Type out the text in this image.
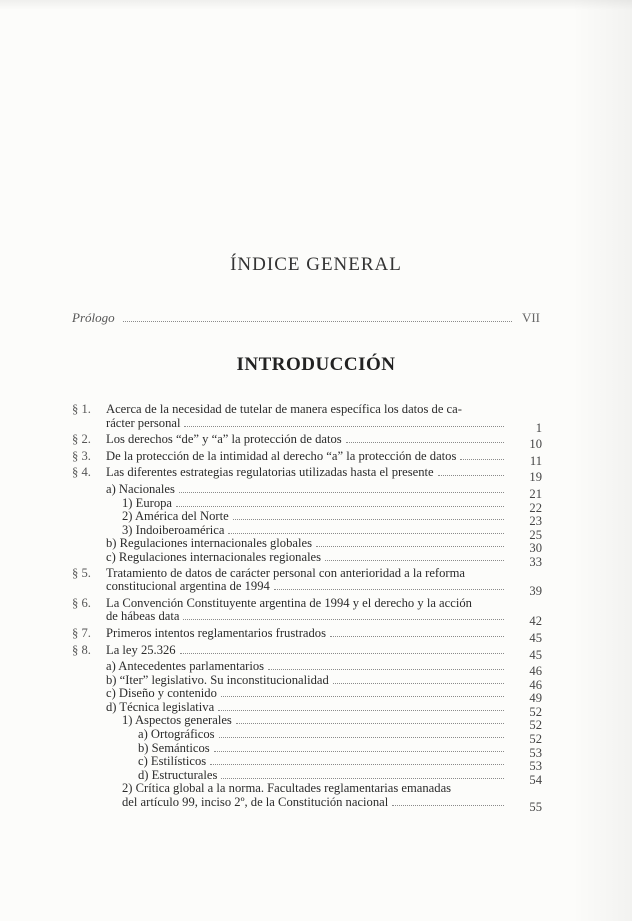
ÍNDICE GENERAL
Prólogo	VII
INTRODUCCIÓN
§ 1. Acerca de la necesidad de tutelar de manera específica los datos de ca-
rácter personal	1
§ 2. Los derechos “de” y “a” la protección de datos	10
§ 3. De la protección de la intimidad al derecho “a” la protección de datos	11
§ 4. Las diferentes estrategias regulatorias utilizadas hasta el presente	19
a) Nacionales	21
1) Europa	22
2) América del Norte	23
3) Indoiberoamérica	25
b) Regulaciones internacionales globales	30
c) Regulaciones internacionales regionales	33
§ 5. Tratamiento de datos de carácter personal con anterioridad a la reforma
constitucional argentina de 1994	39
§ 6. La Convención Constituyente argentina de 1994 y el derecho y la acción
de hábeas data	42
§ 7. Primeros intentos reglamentarios frustrados	45
§ 8. La ley 25.326	45
a) Antecedentes parlamentarios	46
b) “Iter” legislativo. Su inconstitucionalidad	46
c) Diseño y contenido	49
d) Técnica legislativa	52
1) Aspectos generales	52
a) Ortográficos	52
b) Semánticos	53
c) Estilísticos	53
d) Estructurales	54
2) Crítica global a la norma. Facultades reglamentarias emanadas
del artículo 99, inciso 2º, de la Constitución nacional	55
